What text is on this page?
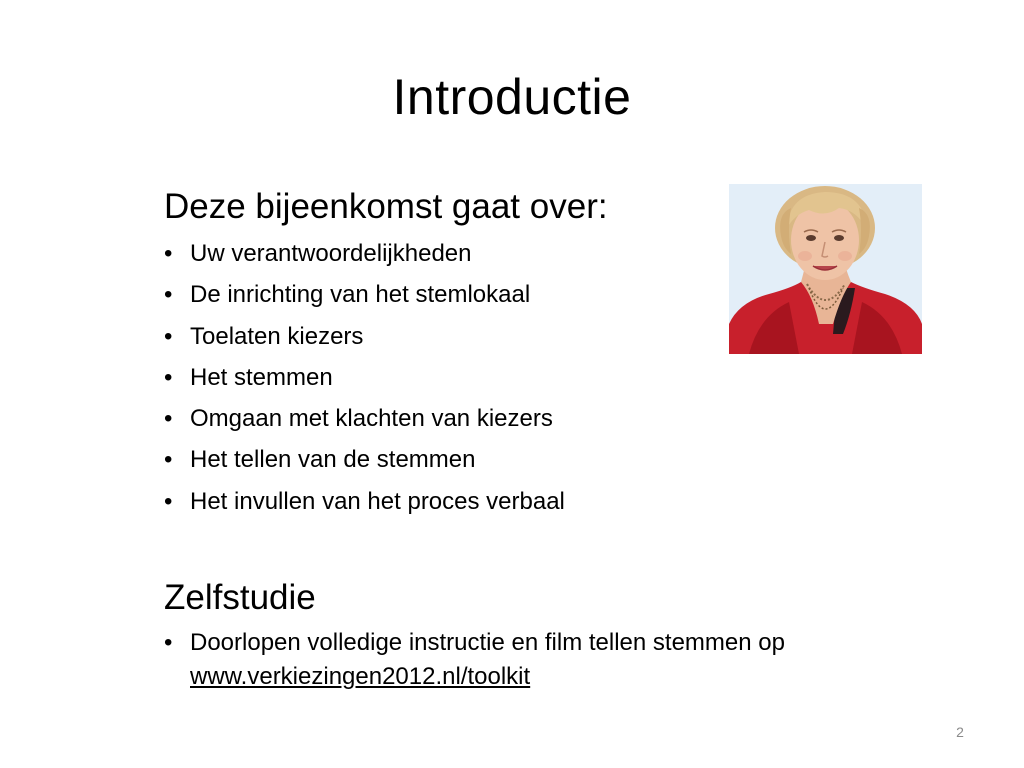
Introductie
Deze bijeenkomst gaat over:
• Uw verantwoordelijkheden
• De inrichting van het stemlokaal
• Toelaten kiezers
• Het stemmen
• Omgaan met klachten van kiezers
• Het tellen van de stemmen
• Het invullen van het proces verbaal
Zelfstudie
• Doorlopen volledige instructie en film tellen stemmen op www.verkiezingen2012.nl/toolkit
2
